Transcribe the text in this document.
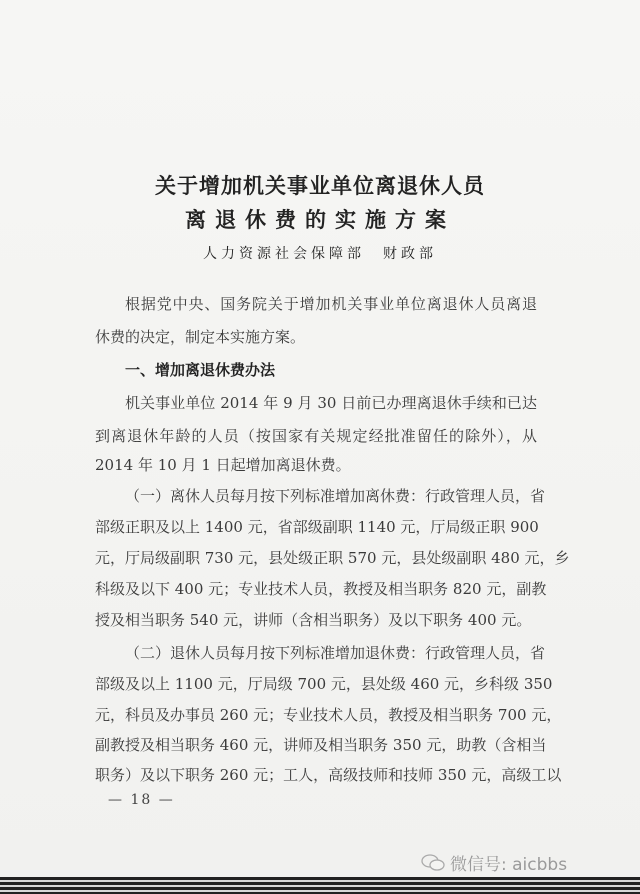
关于增加机关事业单位离退休人员
离退休费的实施方案
人力资源社会保障部　财政部
根据党中央、国务院关于增加机关事业单位离退休人员离退
休费的决定，制定本实施方案。
一、增加离退休费办法
机关事业单位 2014 年 9 月 30 日前已办理离退休手续和已达
到离退休年龄的人员（按国家有关规定经批准留任的除外），从
2014 年 10 月 1 日起增加离退休费。
（一）离休人员每月按下列标准增加离休费：行政管理人员，省
部级正职及以上 1400 元，省部级副职 1140 元，厅局级正职 900
元，厅局级副职 730 元，县处级正职 570 元，县处级副职 480 元，乡
科级及以下 400 元；专业技术人员，教授及相当职务 820 元，副教
授及相当职务 540 元，讲师（含相当职务）及以下职务 400 元。
（二）退休人员每月按下列标准增加退休费：行政管理人员，省
部级及以上 1100 元，厅局级 700 元，县处级 460 元，乡科级 350
元，科员及办事员 260 元；专业技术人员，教授及相当职务 700 元，
副教授及相当职务 460 元，讲师及相当职务 350 元，助教（含相当
职务）及以下职务 260 元；工人，高级技师和技师 350 元，高级工以
— 18 —
微信号: aicbbs
